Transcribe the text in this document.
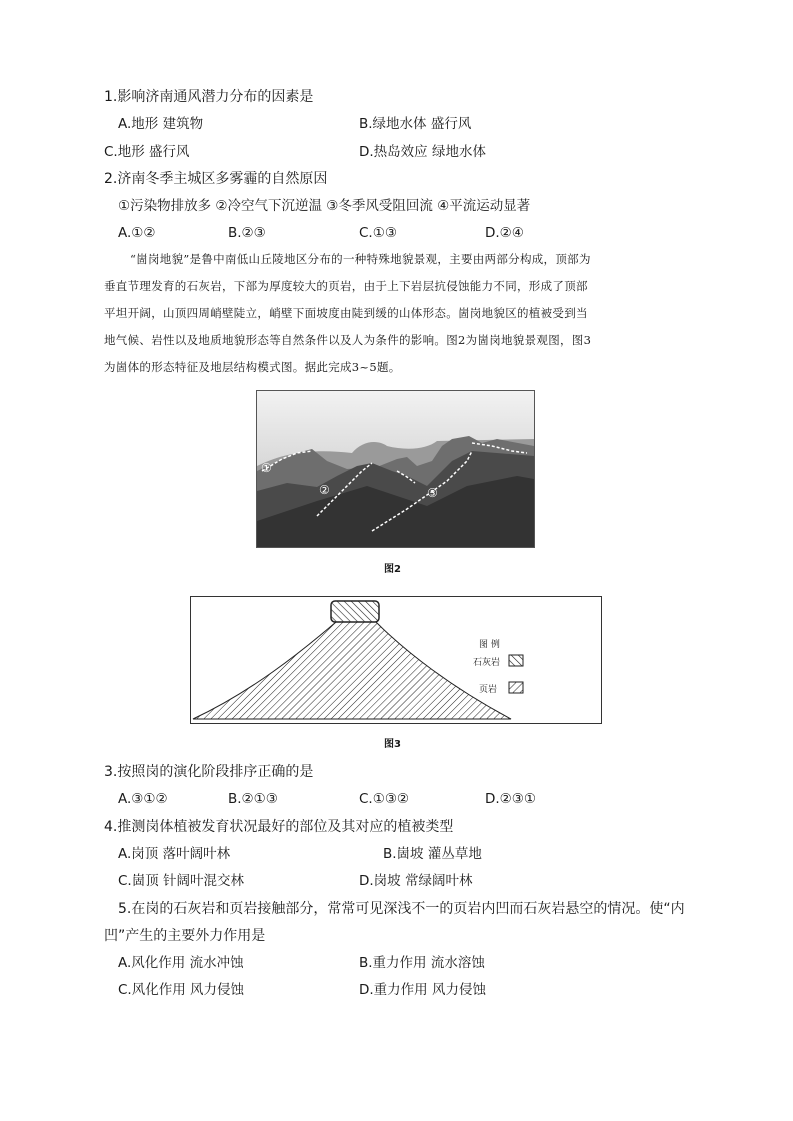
1.影响济南通风潜力分布的因素是
A.地形 建筑物	B.绿地水体 盛行风
C.地形 盛行风	D.热岛效应 绿地水体
2.济南冬季主城区多雾霾的自然原因
①污染物排放多 ②冷空气下沉逆温 ③冬季风受阻回流 ④平流运动显著
A.①②	B.②③	C.①③	D.②④
“崮岗地貌”是鲁中南低山丘陵地区分布的一种特殊地貌景观，主要由两部分构成，顶部为
垂直节理发育的石灰岩，下部为厚度较大的页岩，由于上下岩层抗侵蚀能力不同，形成了顶部
平坦开阔，山顶四周峭壁陡立，峭壁下面坡度由陡到缓的山体形态。崮岗地貌区的植被受到当
地气候、岩性以及地质地貌形态等自然条件以及人为条件的影响。图2为崮岗地貌景观图，图3
为崮体的形态特征及地层结构模式图。据此完成3~5题。
①
②	③
图2
图 例
石灰岩
页岩
图3
3.按照岗的演化阶段排序正确的是
A.③①②	B.②①③	C.①③②	D.②③①
4.推测岗体植被发育状况最好的部位及其对应的植被类型
A.岗顶 落叶阔叶林	B.崮坡 灌丛草地
C.崮顶 针阔叶混交林	D.岗坡 常绿阔叶林
5.在岗的石灰岩和页岩接触部分，常常可见深浅不一的页岩内凹而石灰岩悬空的情况。使“内
凹”产生的主要外力作用是
A.风化作用 流水冲蚀	B.重力作用 流水溶蚀
C.风化作用 风力侵蚀	D.重力作用 风力侵蚀
